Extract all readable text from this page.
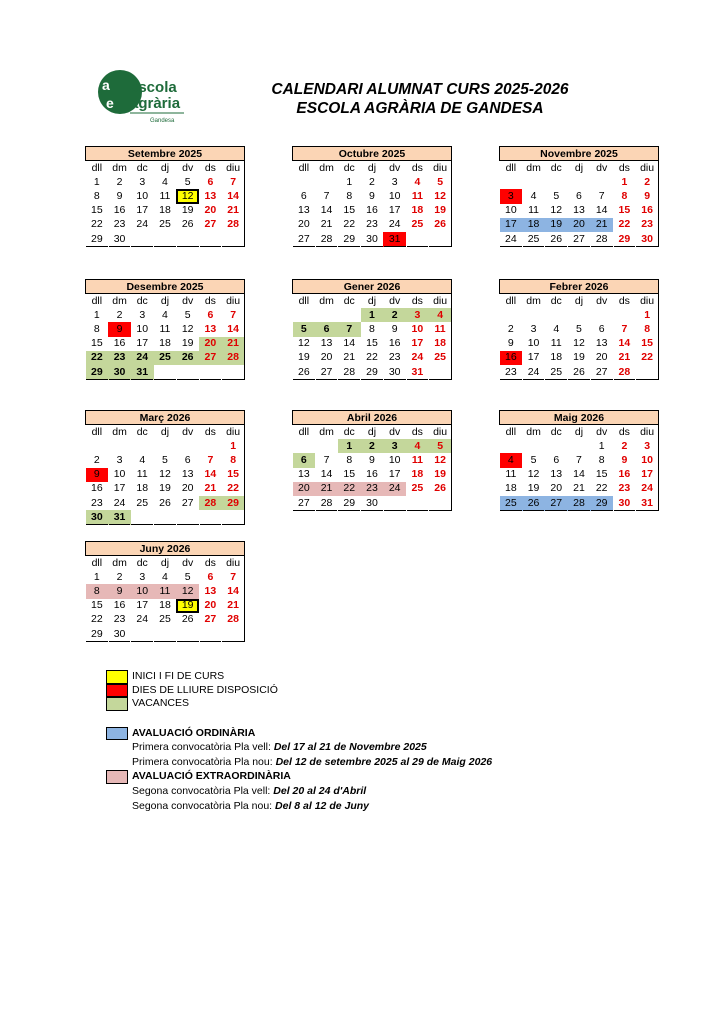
a
e
escola
agrària
Gandesa
CALENDARI ALUMNAT CURS 2025-2026
ESCOLA AGRÀRIA DE GANDESA
Setembre 2025						
dll	dm	dc	dj	dv	ds	diu
1	2	3	4	5	6	7
8	9	10	11	12	13	14
15	16	17	18	19	20	21
22	23	24	25	26	27	28
29	30					
Octubre 2025						
dll	dm	dc	dj	dv	ds	diu
		1	2	3	4	5
6	7	8	9	10	11	12
13	14	15	16	17	18	19
20	21	22	23	24	25	26
27	28	29	30	31		
Novembre 2025						
dll	dm	dc	dj	dv	ds	diu
					1	2
3	4	5	6	7	8	9
10	11	12	13	14	15	16
17	18	19	20	21	22	23
24	25	26	27	28	29	30
Desembre 2025						
dll	dm	dc	dj	dv	ds	diu
1	2	3	4	5	6	7
8	9	10	11	12	13	14
15	16	17	18	19	20	21
22	23	24	25	26	27	28
29	30	31				
Gener 2026						
dll	dm	dc	dj	dv	ds	diu
			1	2	3	4
5	6	7	8	9	10	11
12	13	14	15	16	17	18
19	20	21	22	23	24	25
26	27	28	29	30	31	
Febrer 2026						
dll	dm	dc	dj	dv	ds	diu
						1
2	3	4	5	6	7	8
9	10	11	12	13	14	15
16	17	18	19	20	21	22
23	24	25	26	27	28	
Març 2026						
dll	dm	dc	dj	dv	ds	diu
						1
2	3	4	5	6	7	8
9	10	11	12	13	14	15
16	17	18	19	20	21	22
23	24	25	26	27	28	29
30	31					
Abril 2026						
dll	dm	dc	dj	dv	ds	diu
		1	2	3	4	5
6	7	8	9	10	11	12
13	14	15	16	17	18	19
20	21	22	23	24	25	26
27	28	29	30			
Maig 2026						
dll	dm	dc	dj	dv	ds	diu
				1	2	3
4	5	6	7	8	9	10
11	12	13	14	15	16	17
18	19	20	21	22	23	24
25	26	27	28	29	30	31
Juny 2026						
dll	dm	dc	dj	dv	ds	diu
1	2	3	4	5	6	7
8	9	10	11	12	13	14
15	16	17	18	19	20	21
22	23	24	25	26	27	28
29	30					
INICI I FI DE CURS
DIES DE LLIURE DISPOSICIÓ
VACANCES
AVALUACIÓ ORDINÀRIA
Primera convocatòria Pla vell: Del 17 al 21 de Novembre 2025
Primera convocatòria Pla nou: Del 12 de setembre 2025 al 29 de Maig 2026
AVALUACIÓ EXTRAORDINÀRIA
Segona convocatòria Pla vell: Del 20 al 24 d'Abril
Segona convocatòria Pla nou: Del 8 al 12 de Juny
